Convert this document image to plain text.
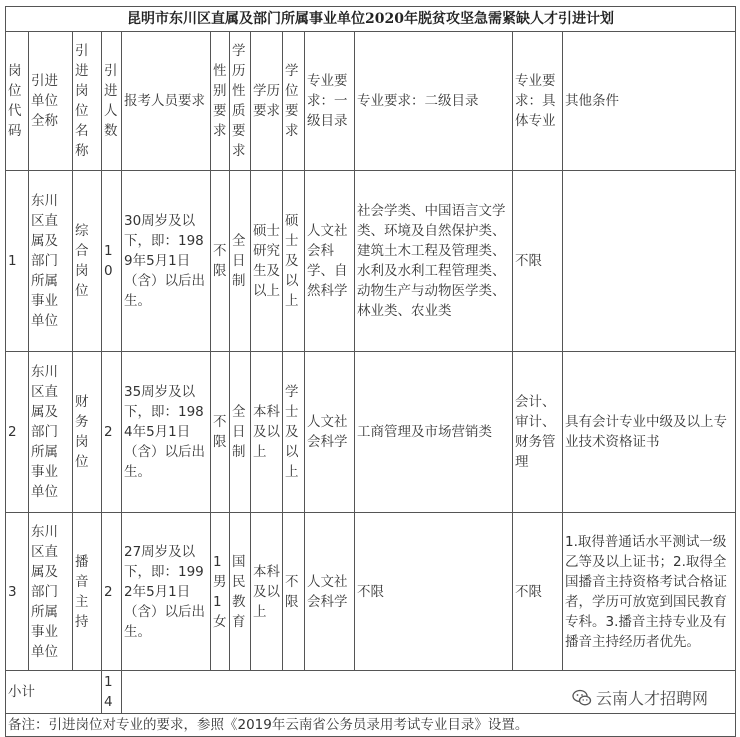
昆明市东川区直属及部门所属事业单位2020年脱贫攻坚急需紧缺人才引进计划												
岗位代码	引进单位全称	引进岗位名称	引进人数	报考人员要求	性别要求	学历性质要求	学历要求	学位要求	专业要求：一级目录	专业要求：二级目录	专业要求：具体专业	其他条件
1	东川区直属及部门所属事业单位	综合岗位	10	30周岁及以下，即：1989年5月1日（含）以后出生。	不限	全日制	硕士研究生及以上	硕士及以上	人文社会科学、自然科学	社会学类、中国语言文学类、环境及自然保护类、建筑土木工程及管理类、水利及水利工程管理类、动物生产与动物医学类、林业类、农业类	不限	
2	东川区直属及部门所属事业单位	财务岗位	2	35周岁及以下，即：1984年5月1日（含）以后出生。	不限	全日制	本科及以上	学士及以上	人文社会科学	工商管理及市场营销类	会计、审计、财务管理	具有会计专业中级及以上专业技术资格证书
3	东川区直属及部门所属事业单位	播音主持	2	27周岁及以下，即：1992年5月1日（含）以后出生。	1男1女	国民教育	本科及以上	不限	人文社会科学	不限	不限	1.取得普通话水平测试一级乙等及以上证书；2.取得全国播音主持资格考试合格证者，学历可放宽到国民教育专科。3.播音主持专业及有播音主持经历者优先。
小计			14									
备注：引进岗位对专业的要求，参照《2019年云南省公务员录用考试专业目录》设置。												
云南人才招聘网
